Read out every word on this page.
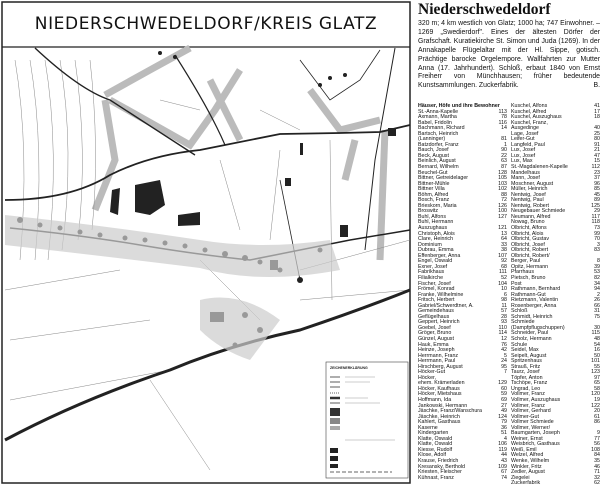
NIEDERSCHWEDELDORF/KREIS GLATZ
ZEICHENERKLÄRUNG
Niederschwedeldorf
320 m; 4 km westlich von Glatz; 1000 ha; 747 Einwohner. – 1269 „Swedierdorf". Eines der ältesten Dörfer der Grafschaft. Kuratiekirche St. Simon und Juda (1269). In der Annakapelle Flügelaltar mit der Hl. Sippe, gotisch. Prächtige barocke Orgelempore. Wallfahrten zur Mutter Anna (17. Jahrhundert). Schloß, erbaut 1840 von Ernst Freiherr von Münchhausen; früher bedeutende Kunstsammlungen. Zuckerfabrik.	B.
Häuser, Höfe und ihre Bewohner
St.-Anna-Kapelle	113
Axmann, Martha	78
Babel, Fridolin	116
Bachmann, Richard	14
Bartsch, Heinrich
(Lanninger)	81
Batzdorfer, Franz	1
Bauch, Josef	90
Beck, August	22
Beinlich, August	63
Bernard, Wilhelm	87
Beuchel-Gut	128
Bittner, Getreidelager	105
Bittner-Mühle	103
Bittner Villa	102
Böhm, Alfred	88
Bosch, Franz	72
Brieskorn, Maria	126
Broswitz	100
Buhl, Alfons	127
Buhl, Hermann
Auszughaus	121
Christoph, Alois	13
Clare, Heinrich	64
Dominium	33
Dubrau, Emma	38
Effenberger, Anna	107
Engel, Oswald	92
Exner, Josef	68
Fabrikhaus	111
Filialkirche	52
Fischer, Josef	104
Frömel, Konrad	10
Franke, Wilhelmine	6
Fritsch, Herbert	98
Gabriel/Schwerdtner, A.	11
Gemeindehaus	57
Geflügelhaus	28
Geppert, Heinrich	93
Goebel, Josef	110
Gröger, Bruno	114
Günzel, August	12
Hauk, Emma	76
Heinze, Joseph	42
Herrmann, Franz	5
Herrmann, Paul	24
Hirschberg, August	95
Höcker-Gut	7
Höcker,
ehem. Krämerladen	129
Höcker, Kaufhaus	60
Höcker, Mietshaus	59
Hoffmann, Ida	69
Jankowski, Hermann	27
Jäschke, Franz/Wanschura	49
Jäschke, Heinrich	124
Kahlert, Gasthaus	79
Kaserne	36
Kindergarten	51
Klatte, Oswald	4
Klatte, Oswald	106
Kiesse, Rudolf	119
Klose, Adolf	44
Krause, Friedrich	43
Kresansky, Berthold	109
Kriesten, Fleischer	67
Kühnast, Franz	74
Kuschel, Alfons	41
Kuschel, Alfred	17
Kuschel, Auszughaus	18
Kuschel, Franz,
Ausgedinge	40
Lage, Josef	25
Leifer-Gut	80
Langfeld, Paul	91
Lux, Josef	21
Lux, Josef	47
Lux, Max	15
St.-Magdalenen-Kapelle	112
Mandelhaus	23
Mann, Josef	37
Moschner, August	96
Müller, Heinrich	85
Nentwig, Josef	45
Nentwig, Paul	89
Nentwig, Robert	125
Neugebauer Schmiede	29
Neumann, Alfred	117
Nowag, Bruno	118
Olbricht, Alfons	73
Olbricht, Alois	99
Olbricht, Gustav	70
Olbricht, Josef	3
Olbricht, Robert	83
Olbricht, Robert/
Berger, Paul	8
Opitz, Hermann	39
Pfarrhaus	53
Pietsch, Bruno	82
Post	34
Rathmann, Bernhard	94
Rathmann-Gut	2
Rietzmann, Valentin	26
Rosenberger, Anna	66
Schloß	31
Schmidt, Heinrich	75
Schmiede
(Dampfpflugschuppen)	30
Schneider, Paul	115
Scholz, Hermann	48
Schule	54
Seidel, Max	16
Seipelt, August	50
Spritzenhaus	101
Strauß, Fritz	55
Taurz, Josef	123
Töpfer, Anton	97
Tschöpe, Franz	65
Ungrad, Leo	58
Vollmer, Franz	120
Vollmer, Auszughaus	19
Vollmer, Franz	122
Vollmer, Gerhard	20
Vollmer-Gut	61
Vollmer Schmiede	86
Vollmer, Werner/
Baumgarten, Joseph	9
Weiner, Ernst	77
Weisbrich, Gasthaus	56
Weiß, Emil	108
Welzel, Alfred	84
Wenke, Wilhelm	35
Winkler, Fritz	46
Zedler, August	71
Ziegelei	32
Zuckerfabrik	62
